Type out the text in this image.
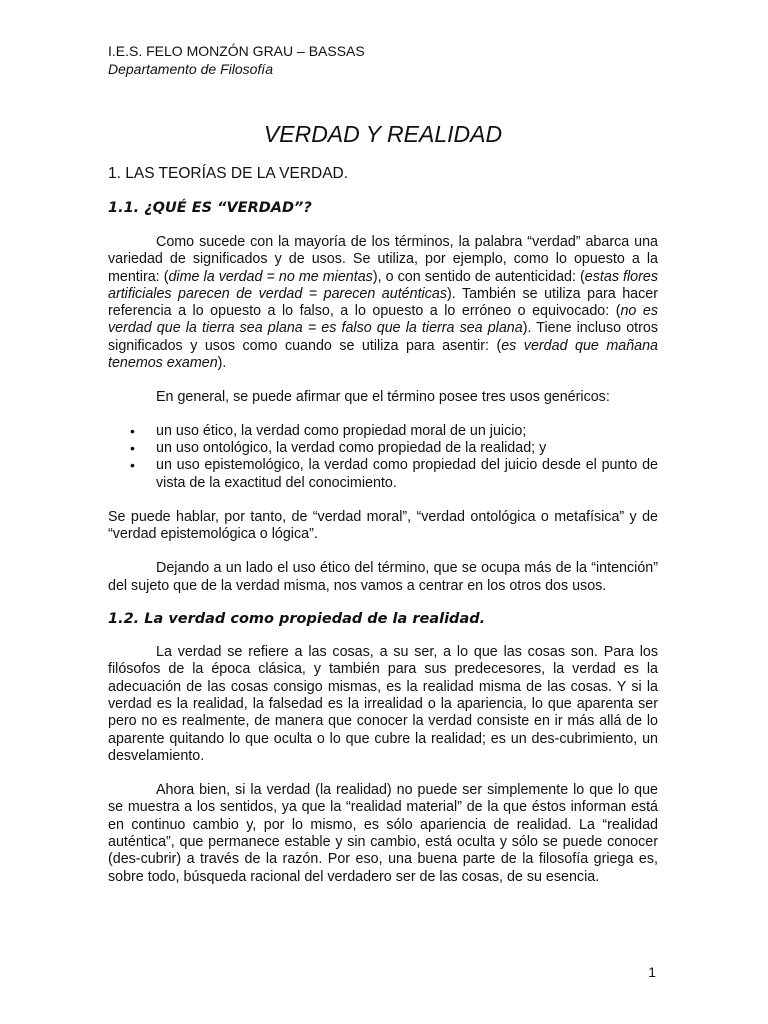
I.E.S. FELO MONZÓN GRAU – BASSAS

Departamento de Filosofía

VERDAD Y REALIDAD
1. LAS TEORÍAS DE LA VERDAD.
1.1. ¿QUÉ ES “VERDAD”?

Como sucede con la mayoría de los términos, la palabra “verdad” abarca una variedad de significados y de usos. Se utiliza, por ejemplo, como lo opuesto a la mentira: (dime la verdad = no me mientas), o con sentido de autenticidad: (estas flores artificiales parecen de verdad = parecen auténticas). También se utiliza para hacer referencia a lo opuesto a lo falso, a lo opuesto a lo erróneo o equivocado: (no es verdad que la tierra sea plana = es falso que la tierra sea plana). Tiene incluso otros significados y usos como cuando se utiliza para asentir: (es verdad que mañana tenemos examen).

En general, se puede afirmar que el término posee tres usos genéricos:

• un uso ético, la verdad como propiedad moral de un juicio;
• un uso ontológico, la verdad como propiedad de la realidad; y
• un uso epistemológico, la verdad como propiedad del juicio desde el punto de vista de la exactitud del conocimiento.

Se puede hablar, por tanto, de “verdad moral”, “verdad ontológica o metafísica” y de “verdad epistemológica o lógica”.

Dejando a un lado el uso ético del término, que se ocupa más de la “intención” del sujeto que de la verdad misma, nos vamos a centrar en los otros dos usos.

1.2. La verdad como propiedad de la realidad.

La verdad se refiere a las cosas, a su ser, a lo que las cosas son. Para los filósofos de la época clásica, y también para sus predecesores, la verdad es la adecuación de las cosas consigo mismas, es la realidad misma de las cosas. Y si la verdad es la realidad, la falsedad es la irrealidad o la apariencia, lo que aparenta ser pero no es realmente, de manera que conocer la verdad consiste en ir más allá de lo aparente quitando lo que oculta o lo que cubre la realidad; es un des-cubrimiento, un desvelamiento.

Ahora bien, si la verdad (la realidad) no puede ser simplemente lo que lo que se muestra a los sentidos, ya que la “realidad material” de la que éstos informan está en continuo cambio y, por lo mismo, es sólo apariencia de realidad. La “realidad auténtica”, que permanece estable y sin cambio, está oculta y sólo se puede conocer (des-cubrir) a través de la razón. Por eso, una buena parte de la filosofía griega es, sobre todo, búsqueda racional del verdadero ser de las cosas, de su esencia.

1
